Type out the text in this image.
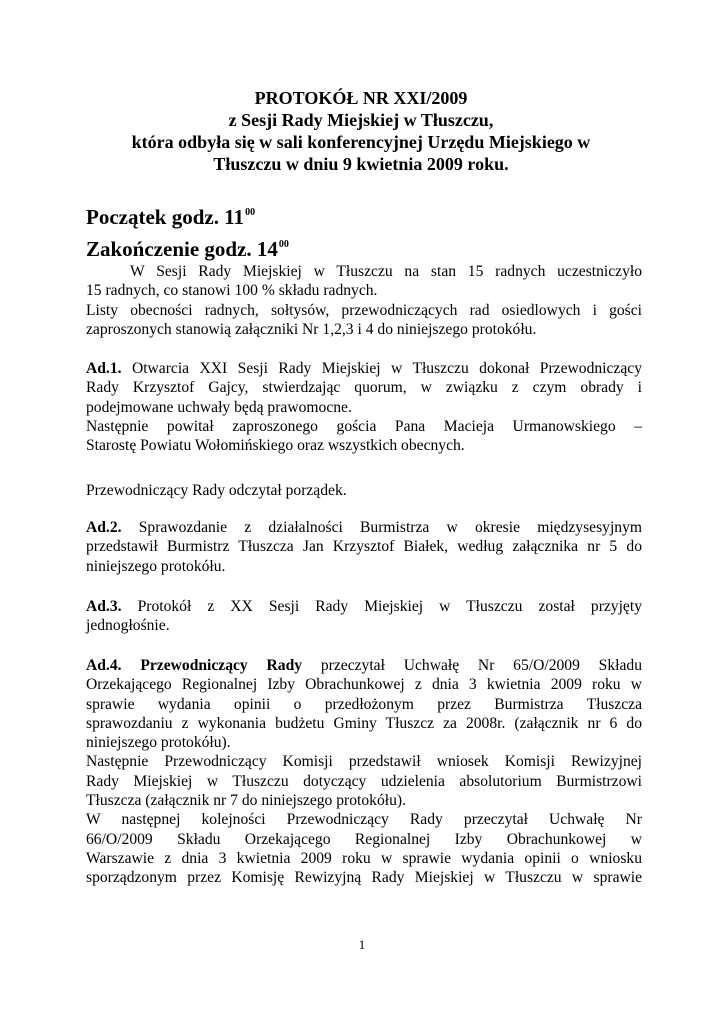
PROTOKÓŁ NR XXI/2009
z Sesji Rady Miejskiej w Tłuszczu,
która odbyła się w sali konferencyjnej Urzędu Miejskiego w
Tłuszczu w dniu 9 kwietnia 2009 roku.
Początek godz. $11^{00}$
Zakończenie godz. $14^{00}$
W Sesji Rady Miejskiej w Tłuszczu na stan 15 radnych uczestniczyło
15 radnych, co stanowi 100 % składu radnych.
Listy obecności radnych, sołtysów, przewodniczących rad osiedlowych i gości
zaproszonych stanowią załączniki Nr 1,2,3 i 4 do niniejszego protokółu.
Ad.1. Otwarcia XXI Sesji Rady Miejskiej w Tłuszczu dokonał Przewodniczący
Rady Krzysztof Gajcy, stwierdzając quorum, w związku z czym obrady i
podejmowane uchwały będą prawomocne.
Następnie powitał zaproszonego gościa Pana Macieja Urmanowskiego –
Starostę Powiatu Wołomińskiego oraz wszystkich obecnych.
Przewodniczący Rady odczytał porządek.
Ad.2. Sprawozdanie z działalności Burmistrza w okresie międzysesyjnym
przedstawił Burmistrz Tłuszcza Jan Krzysztof Białek, według załącznika nr 5 do
niniejszego protokółu.
Ad.3. Protokół z XX Sesji Rady Miejskiej w Tłuszczu został przyjęty
jednogłośnie.
Ad.4. Przewodniczący Rady przeczytał Uchwałę Nr 65/O/2009 Składu
Orzekającego Regionalnej Izby Obrachunkowej z dnia 3 kwietnia 2009 roku w
sprawie wydania opinii o przedłożonym przez Burmistrza Tłuszcza
sprawozdaniu z wykonania budżetu Gminy Tłuszcz za 2008r. (załącznik nr 6 do
niniejszego protokółu).
Następnie Przewodniczący Komisji przedstawił wniosek Komisji Rewizyjnej
Rady Miejskiej w Tłuszczu dotyczący udzielenia absolutorium Burmistrzowi
Tłuszcza (załącznik nr 7 do niniejszego protokółu).
W następnej kolejności Przewodniczący Rady przeczytał Uchwałę Nr
66/O/2009 Składu Orzekającego Regionalnej Izby Obrachunkowej w
Warszawie z dnia 3 kwietnia 2009 roku w sprawie wydania opinii o wniosku
sporządzonym przez Komisję Rewizyjną Rady Miejskiej w Tłuszczu w sprawie
1
